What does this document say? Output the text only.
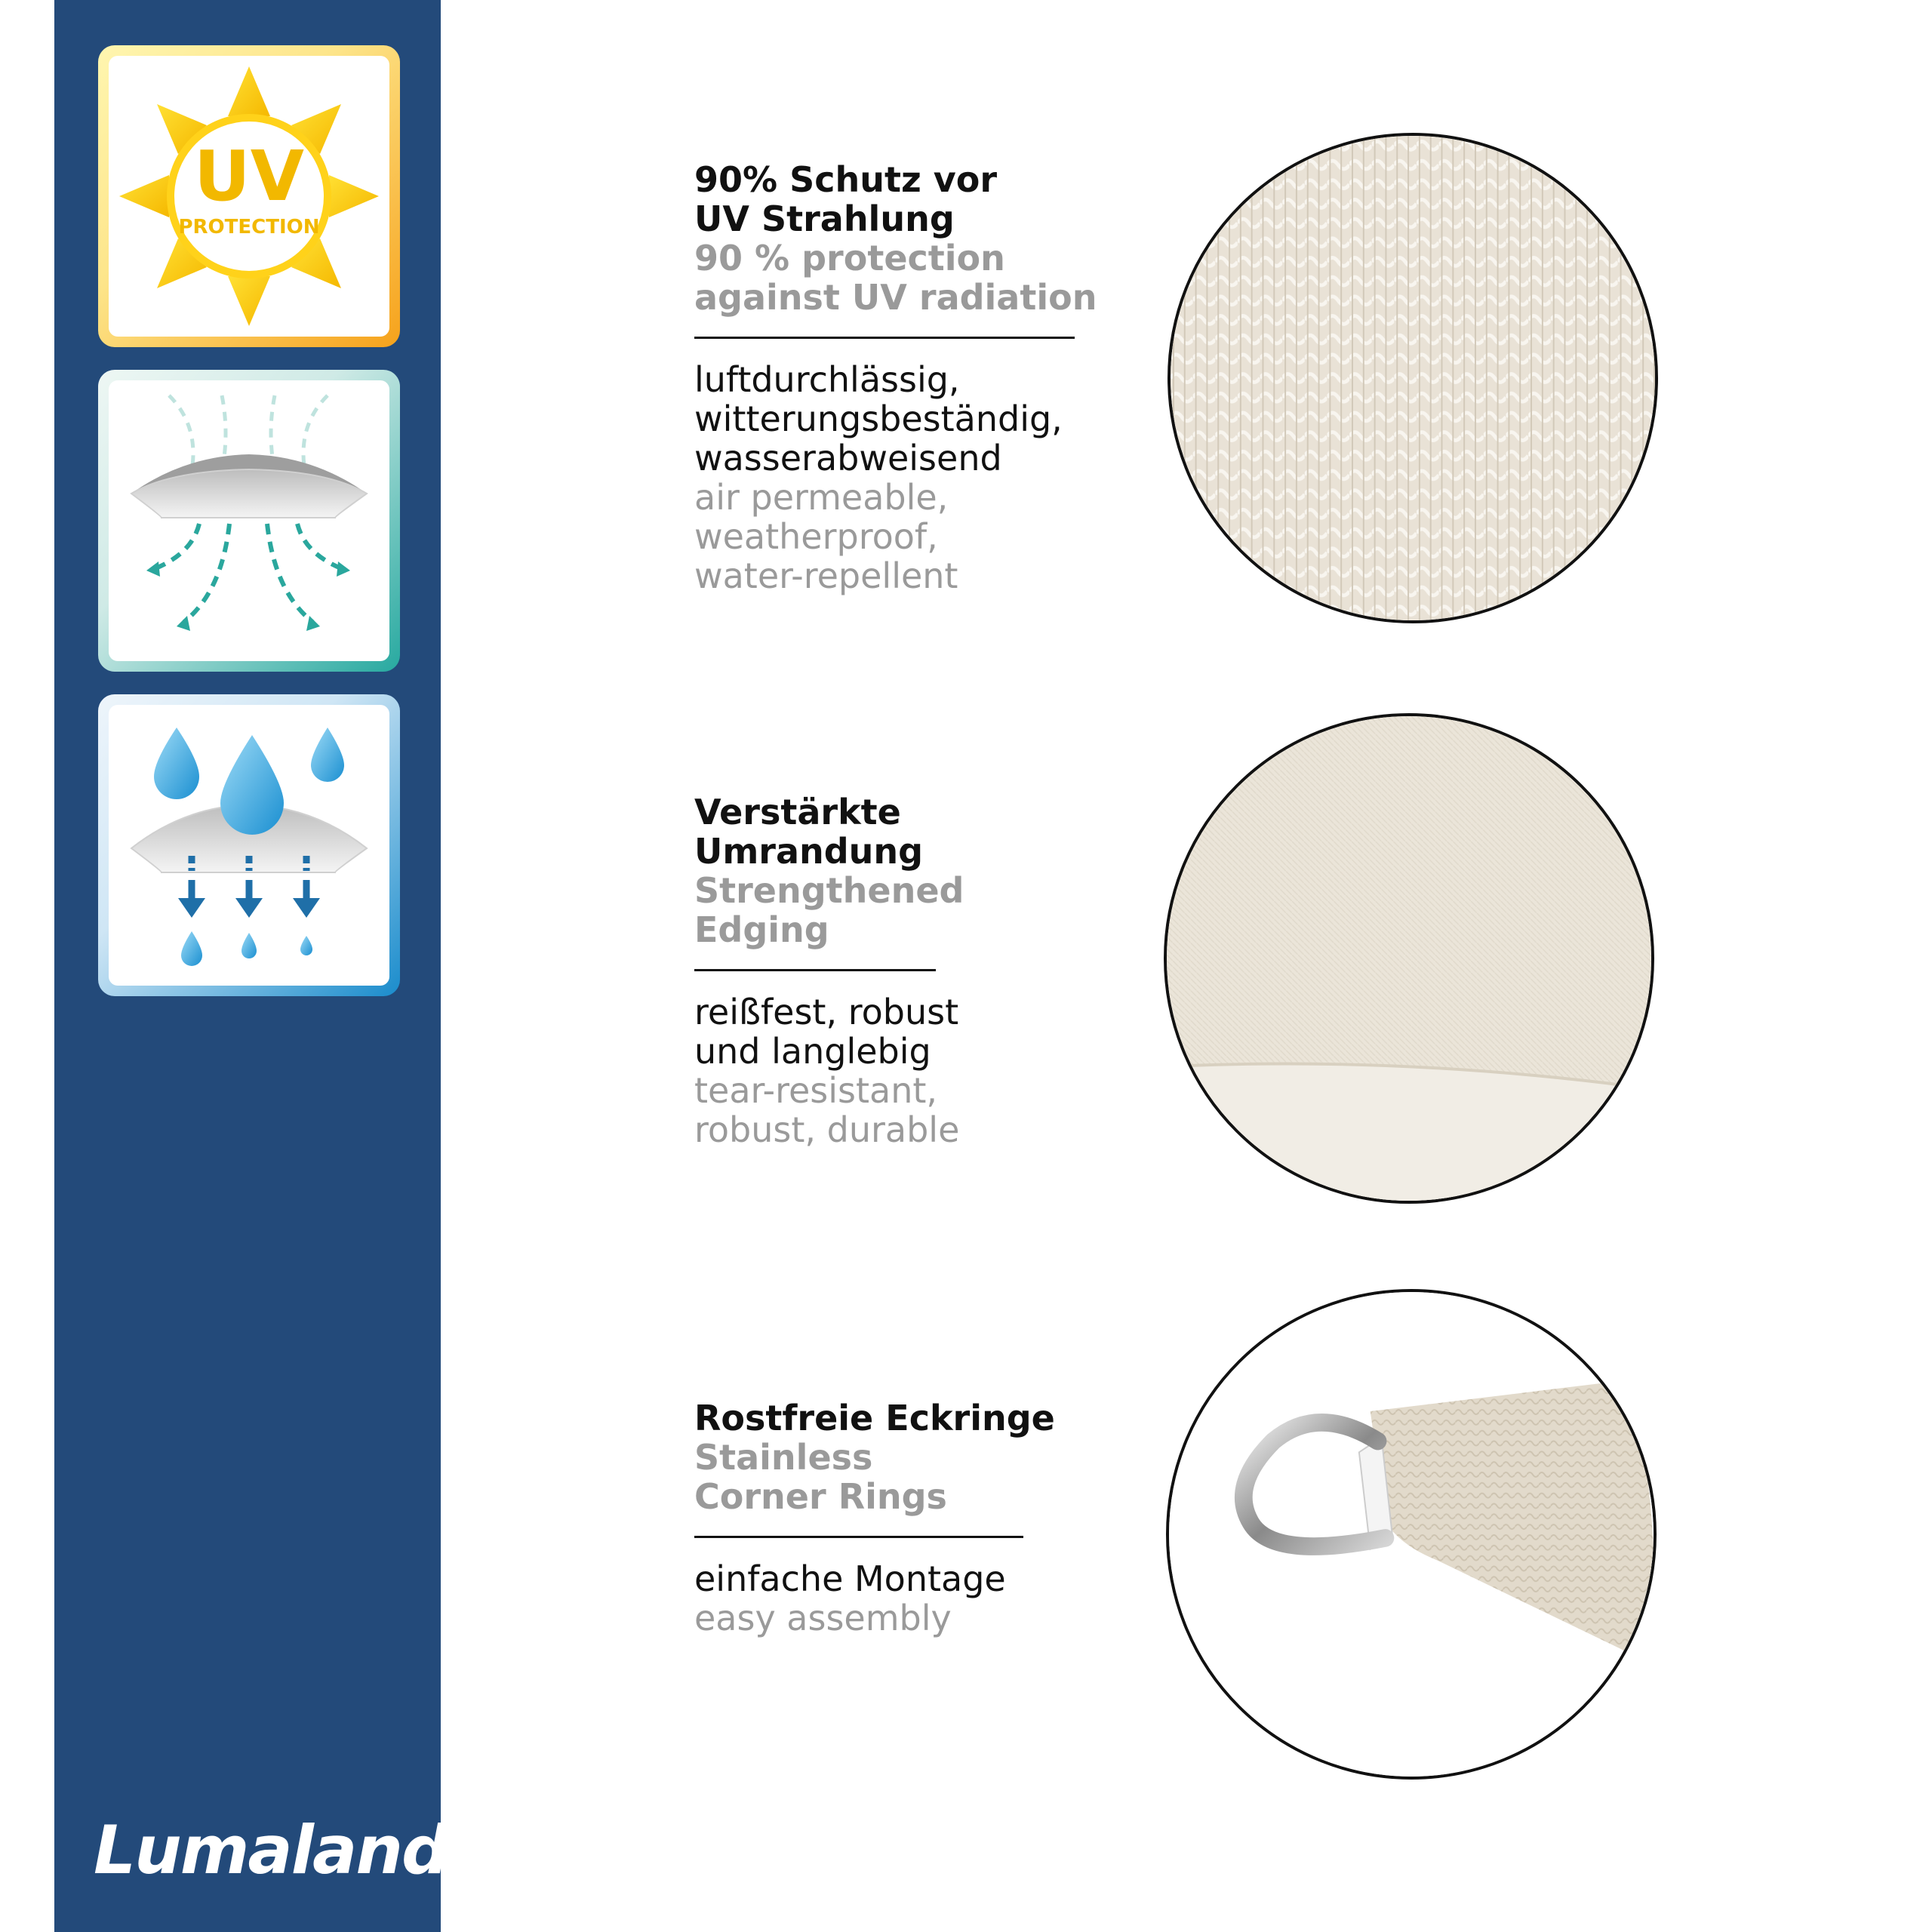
UV
PROTECTION
Lumaland
90% Schutz vor
UV Strahlung
90 % protection
against UV radiation
luftdurchlässig,
witterungsbeständig,
wasserabweisend
air permeable,
weatherproof,
water-repellent
Verstärkte
Umrandung
Strengthened
Edging
reißfest, robust
und langlebig
tear-resistant,
robust, durable
Rostfreie Eckringe
Stainless
Corner Rings
einfache Montage
easy assembly
